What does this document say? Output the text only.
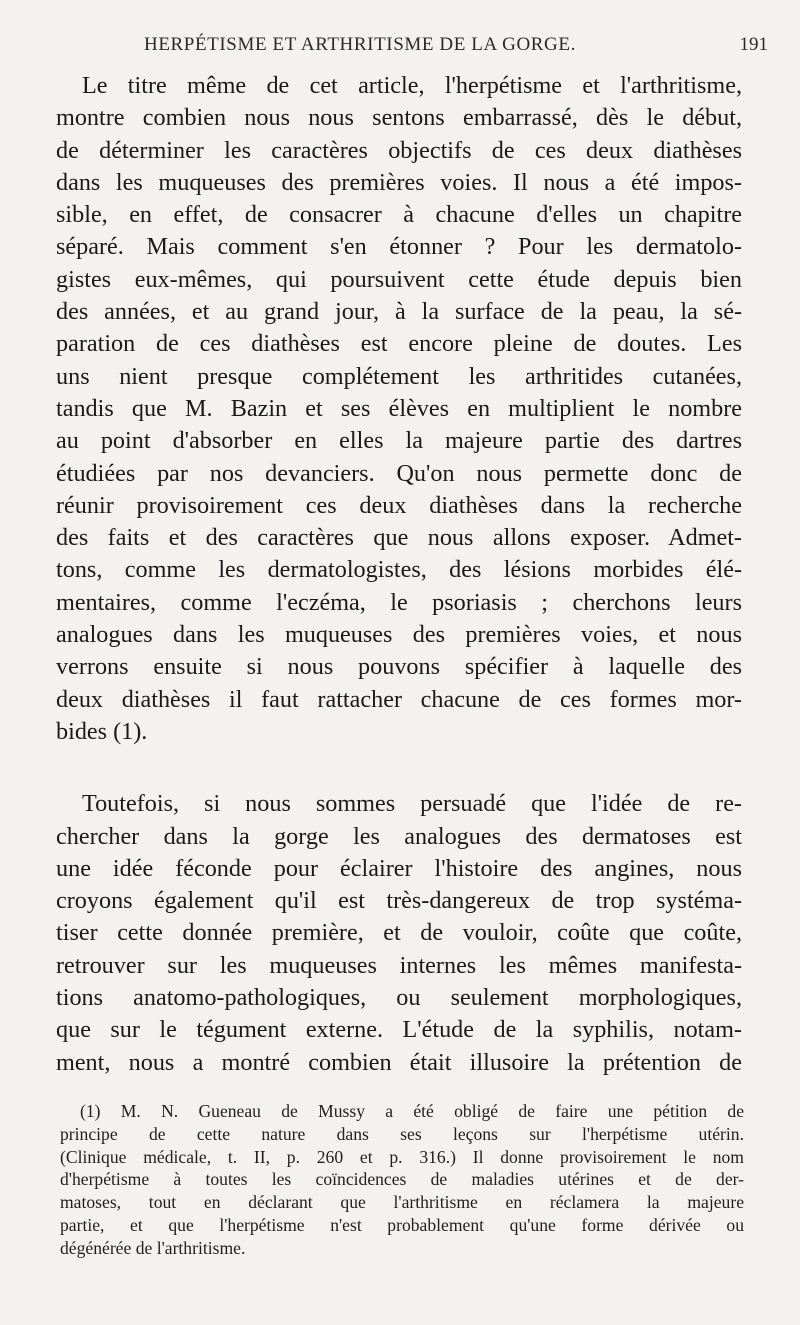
HERPÉTISME ET ARTHRITISME DE LA GORGE.	191
Le titre même de cet article, l'herpétisme et l'arthritisme,
montre combien nous nous sentons embarrassé, dès le début,
de déterminer les caractères objectifs de ces deux diathèses
dans les muqueuses des premières voies. Il nous a été impos-
sible, en effet, de consacrer à chacune d'elles un chapitre
séparé. Mais comment s'en étonner ? Pour les dermatolo-
gistes eux-mêmes, qui poursuivent cette étude depuis bien
des années, et au grand jour, à la surface de la peau, la sé-
paration de ces diathèses est encore pleine de doutes. Les
uns nient presque complétement les arthritides cutanées,
tandis que M. Bazin et ses élèves en multiplient le nombre
au point d'absorber en elles la majeure partie des dartres
étudiées par nos devanciers. Qu'on nous permette donc de
réunir provisoirement ces deux diathèses dans la recherche
des faits et des caractères que nous allons exposer. Admet-
tons, comme les dermatologistes, des lésions morbides élé-
mentaires, comme l'eczéma, le psoriasis ; cherchons leurs
analogues dans les muqueuses des premières voies, et nous
verrons ensuite si nous pouvons spécifier à laquelle des
deux diathèses il faut rattacher chacune de ces formes mor-
bides (1).
Toutefois, si nous sommes persuadé que l'idée de re-
chercher dans la gorge les analogues des dermatoses est
une idée féconde pour éclairer l'histoire des angines, nous
croyons également qu'il est très-dangereux de trop systéma-
tiser cette donnée première, et de vouloir, coûte que coûte,
retrouver sur les muqueuses internes les mêmes manifesta-
tions anatomo-pathologiques, ou seulement morphologiques,
que sur le tégument externe. L'étude de la syphilis, notam-
ment, nous a montré combien était illusoire la prétention de
(1) M. N. Gueneau de Mussy a été obligé de faire une pétition de
principe de cette nature dans ses leçons sur l'herpétisme utérin.
(Clinique médicale, t. II, p. 260 et p. 316.) Il donne provisoirement le nom
d'herpétisme à toutes les coïncidences de maladies utérines et de der-
matoses, tout en déclarant que l'arthritisme en réclamera la majeure
partie, et que l'herpétisme n'est probablement qu'une forme dérivée ou
dégénérée de l'arthritisme.
